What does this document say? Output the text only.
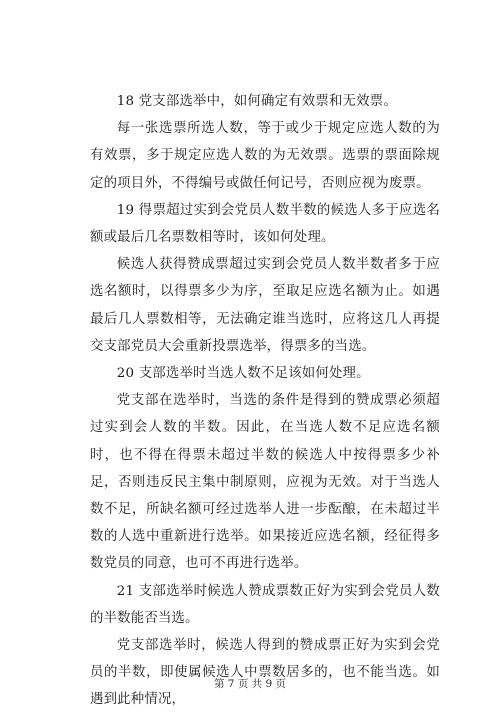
18 党支部选举中，如何确定有效票和无效票。

每一张选票所选人数，等于或少于规定应选人数的为有效票，多于规定应选人数的为无效票。选票的票面除规定的项目外，不得编号或做任何记号，否则应视为废票。

19 得票超过实到会党员人数半数的候选人多于应选名额或最后几名票数相等时，该如何处理。

候选人获得赞成票超过实到会党员人数半数者多于应选名额时，以得票多少为序，至取足应选名额为止。如遇最后几人票数相等，无法确定谁当选时，应将这几人再提交支部党员大会重新投票选举，得票多的当选。

20 支部选举时当选人数不足该如何处理。

党支部在选举时，当选的条件是得到的赞成票必须超过实到会人数的半数。因此，在当选人数不足应选名额时，也不得在得票未超过半数的候选人中按得票多少补足，否则违反民主集中制原则，应视为无效。对于当选人数不足，所缺名额可经过选举人进一步酝酿，在未超过半数的人选中重新进行选举。如果接近应选名额，经征得多数党员的同意，也可不再进行选举。

21 支部选举时候选人赞成票数正好为实到会党员人数的半数能否当选。

党支部选举时，候选人得到的赞成票正好为实到会党员的半数，即使属候选人中票数居多的，也不能当选。如遇到此种情况，

第 7 页 共 9 页
